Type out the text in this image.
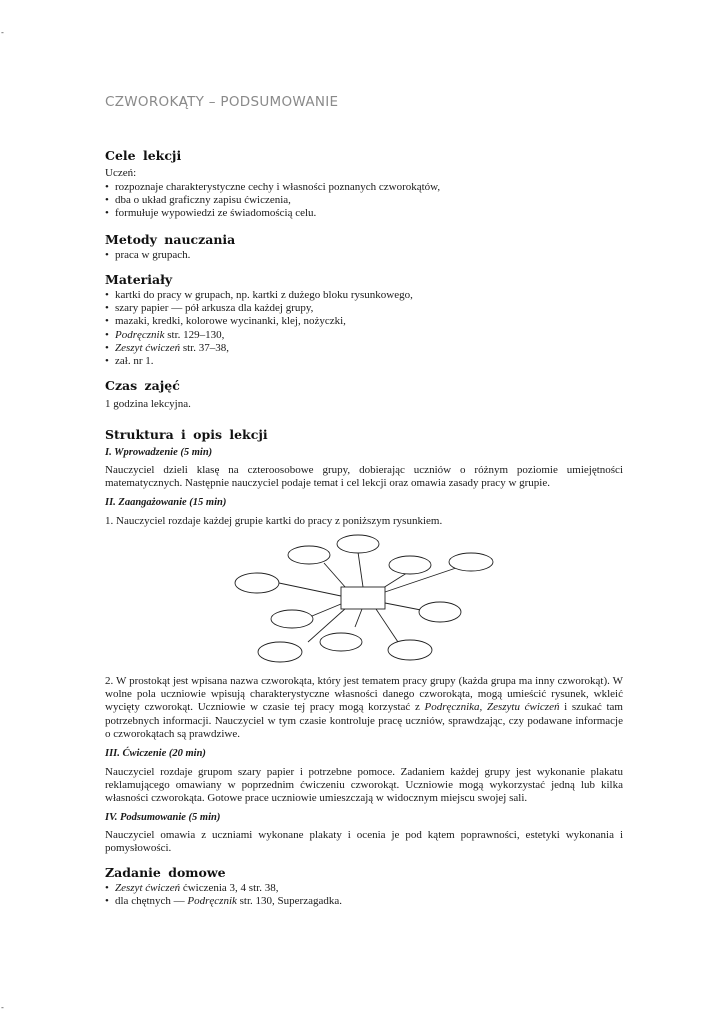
-
-
CZWOROKĄTY – PODSUMOWANIE
Cele lekcji

Uczeń:

• rozpoznaje charakterystyczne cechy i własności poznanych czworokątów,
• dba o układ graficzny zapisu ćwiczenia,
• formułuje wypowiedzi ze świadomością celu.
Metody nauczania
• praca w grupach.
Materiały
• kartki do pracy w grupach, np. kartki z dużego bloku rysunkowego,
• szary papier — pół arkusza dla każdej grupy,
• mazaki, kredki, kolorowe wycinanki, klej, nożyczki,
• Podręcznik str. 129–130,
• Zeszyt ćwiczeń str. 37–38,
• zał. nr 1.
Czas zajęć

1 godzina lekcyjna.

Struktura i opis lekcji

I. Wprowadzenie (5 min)

Nauczyciel dzieli klasę na czteroosobowe grupy, dobierając uczniów o różnym poziomie umiejętności matematycznych. Następnie nauczyciel podaje temat i cel lekcji oraz omawia zasady pracy w grupie.

II. Zaangażowanie (15 min)

1. Nauczyciel rozdaje każdej grupie kartki do pracy z poniższym rysunkiem.

2. W prostokąt jest wpisana nazwa czworokąta, który jest tematem pracy grupy (każda grupa ma inny czworokąt). W wolne pola uczniowie wpisują charakterystyczne własności danego czworokąta, mogą umieścić rysunek, wkleić wycięty czworokąt. Uczniowie w czasie tej pracy mogą korzystać z Podręcznika, Zeszytu ćwiczeń i szukać tam potrzebnych informacji. Nauczyciel w tym czasie kontroluje pracę uczniów, sprawdzając, czy podawane informacje o czworokątach są prawdziwe.

III. Ćwiczenie (20 min)

Nauczyciel rozdaje grupom szary papier i potrzebne pomoce. Zadaniem każdej grupy jest wykonanie plakatu reklamującego omawiany w poprzednim ćwiczeniu czworokąt. Uczniowie mogą wykorzystać jedną lub kilka własności czworokąta. Gotowe prace uczniowie umieszczają w widocznym miejscu swojej sali.

IV. Podsumowanie (5 min)

Nauczyciel omawia z uczniami wykonane plakaty i ocenia je pod kątem poprawności, estetyki wykonania i pomysłowości.

Zadanie domowe
• Zeszyt ćwiczeń ćwiczenia 3, 4 str. 38,
• dla chętnych — Podręcznik str. 130, Superzagadka.
